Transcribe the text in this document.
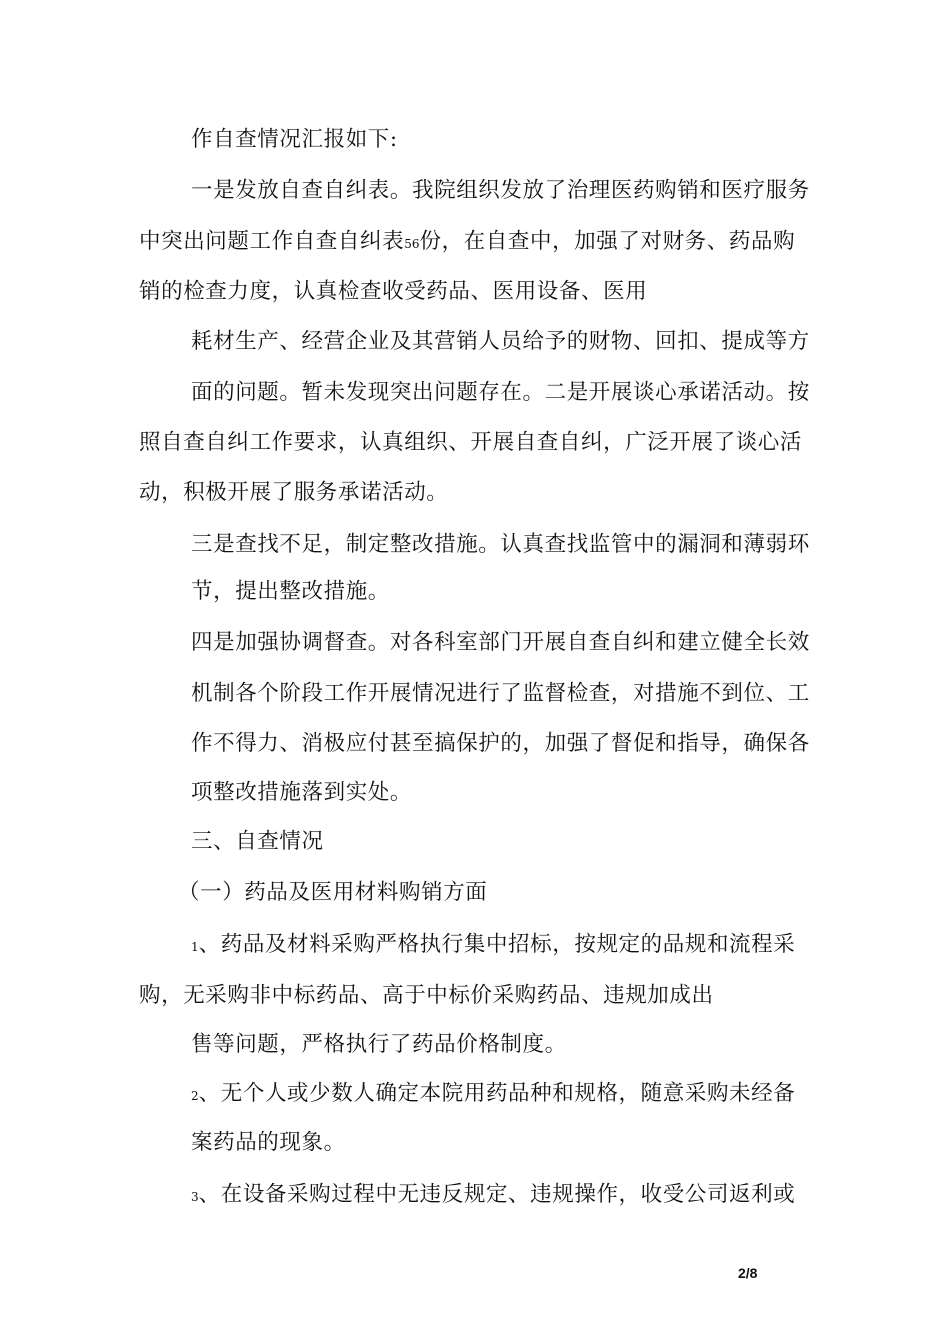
作自查情况汇报如下:
一是发放自查自纠表。我院组织发放了治理医药购销和医疗服务
中突出问题工作自查自纠表56份，在自查中，加强了对财务、药品购
销的检查力度，认真检查收受药品、医用设备、医用
耗材生产、经营企业及其营销人员给予的财物、回扣、提成等方
面的问题。暂未发现突出问题存在。二是开展谈心承诺活动。按
照自查自纠工作要求，认真组织、开展自查自纠，广泛开展了谈心活
动，积极开展了服务承诺活动。
三是查找不足，制定整改措施。认真查找监管中的漏洞和薄弱环
节，提出整改措施。
四是加强协调督查。对各科室部门开展自查自纠和建立健全长效
机制各个阶段工作开展情况进行了监督检查，对措施不到位、工
作不得力、消极应付甚至搞保护的，加强了督促和指导，确保各
项整改措施落到实处。
三、自查情况
（一）药品及医用材料购销方面
1、药品及材料采购严格执行集中招标，按规定的品规和流程采
购，无采购非中标药品、高于中标价采购药品、违规加成出
售等问题，严格执行了药品价格制度。
2、无个人或少数人确定本院用药品种和规格，随意采购未经备
案药品的现象。
3、在设备采购过程中无违反规定、违规操作，收受公司返利或
2/8
